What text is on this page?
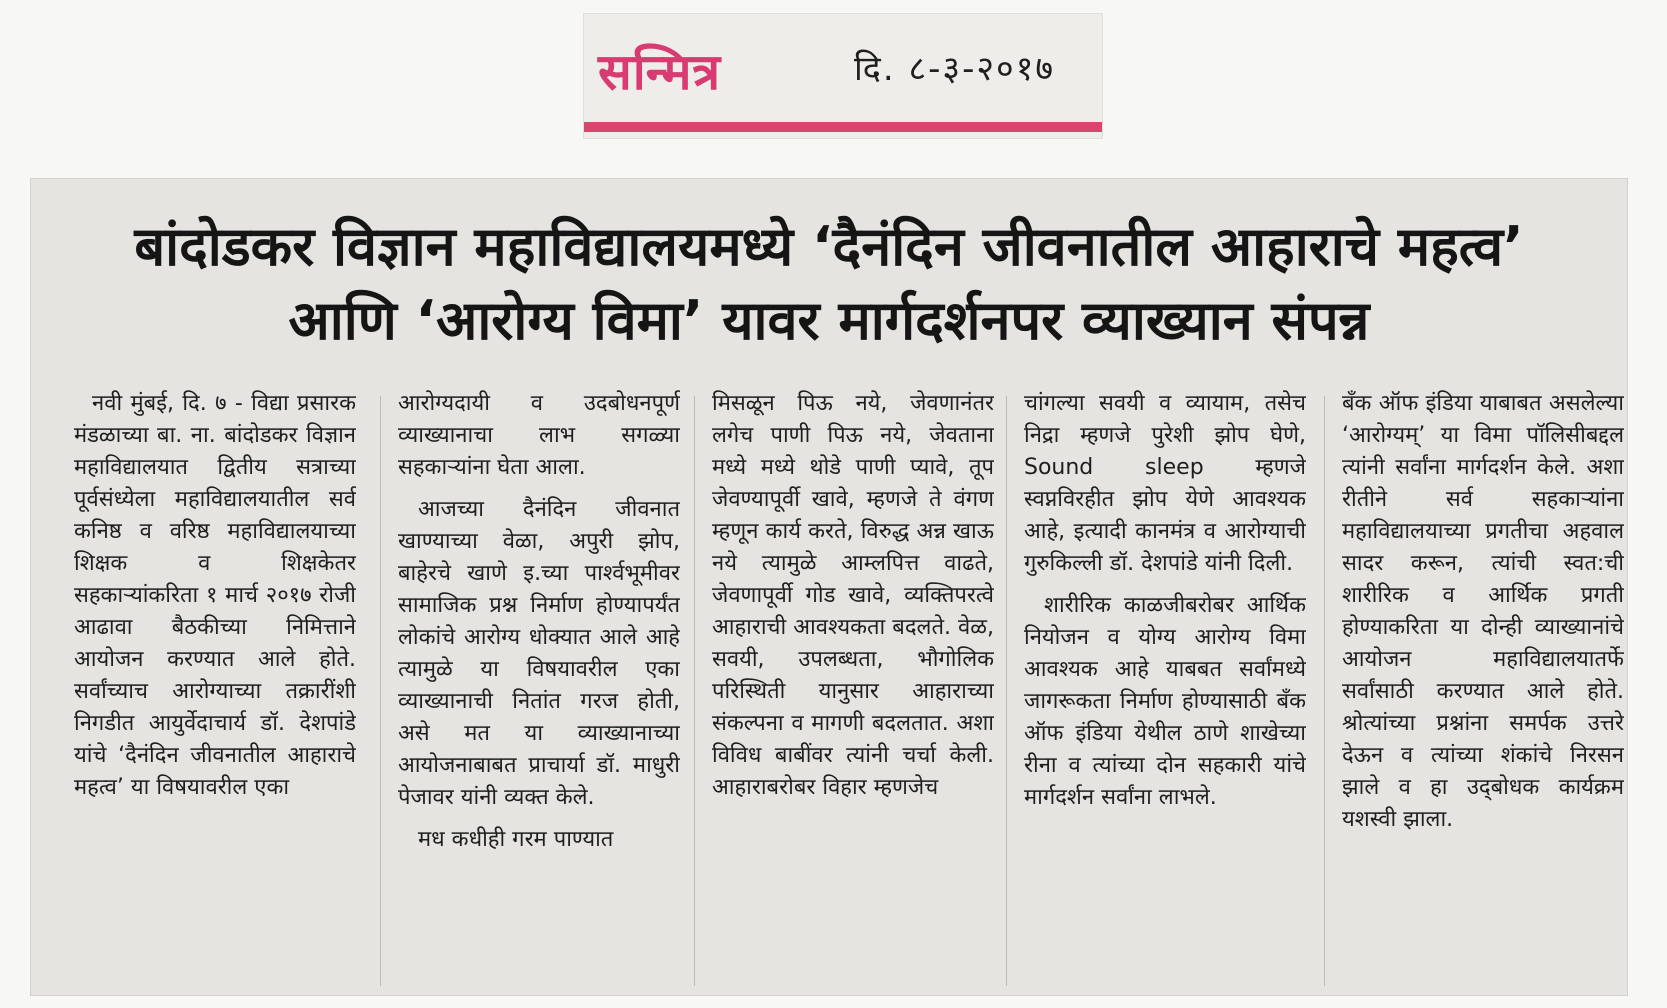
सन्मित्र	दि. ८-३-२०१७
बांदोडकर विज्ञान महाविद्यालयमध्ये ‘दैनंदिन जीवनातील आहाराचे महत्व’
आणि ‘आरोग्य विमा’ यावर मार्गदर्शनपर व्याख्यान संपन्न

नवी मुंबई, दि. ७ - विद्या प्रसारक मंडळाच्या बा. ना. बांदोडकर विज्ञान महाविद्यालयात द्वितीय सत्राच्या पूर्वसंध्येला महाविद्यालयातील सर्व कनिष्ठ व वरिष्ठ महाविद्यालयाच्या शिक्षक व शिक्षकेतर सहकाऱ्यांकरिता १ मार्च २०१७ रोजी आढावा बैठकीच्या निमित्ताने आयोजन करण्यात आले होते. सर्वांच्याच आरोग्याच्या तक्रारींशी निगडीत आयुर्वेदाचार्य डॉ. देशपांडे यांचे ‘दैनंदिन जीवनातील आहाराचे महत्व’ या विषयावरील एका

आरोग्यदायी व उदबोधनपूर्ण व्याख्यानाचा लाभ सगळ्या सहकाऱ्यांना घेता आला.

आजच्या दैनंदिन जीवनात खाण्याच्या वेळा, अपुरी झोप, बाहेरचे खाणे इ.च्या पार्श्वभूमीवर सामाजिक प्रश्न निर्माण होण्यापर्यंत लोकांचे आरोग्य धोक्यात आले आहे त्यामुळे या विषयावरील एका व्याख्यानाची नितांत गरज होती, असे मत या व्याख्यानाच्या आयोजनाबाबत प्राचार्या डॉ. माधुरी पेजावर यांनी व्यक्त केले.

मध कधीही गरम पाण्यात

मिसळून पिऊ नये, जेवणानंतर लगेच पाणी पिऊ नये, जेवताना मध्ये मध्ये थोडे पाणी प्यावे, तूप जेवण्यापूर्वी खावे, म्हणजे ते वंगण म्हणून कार्य करते, विरुद्ध अन्न खाऊ नये त्यामुळे आम्लपित्त वाढते, जेवणापूर्वी गोड खावे, व्यक्तिपरत्वे आहाराची आवश्यकता बदलते. वेळ, सवयी, उपलब्धता, भौगोलिक परिस्थिती यानुसार आहाराच्या संकल्पना व मागणी बदलतात. अशा विविध बाबींवर त्यांनी चर्चा केली. आहाराबरोबर विहार म्हणजेच

चांगल्या सवयी व व्यायाम, तसेच निद्रा म्हणजे पुरेशी झोप घेणे, Sound sleep म्हणजे स्वप्नविरहीत झोप येणे आवश्यक आहे, इत्यादी कानमंत्र व आरोग्याची गुरुकिल्ली डॉ. देशपांडे यांनी दिली.

शारीरिक काळजीबरोबर आर्थिक नियोजन व योग्य आरोग्य विमा आवश्यक आहे याबबत सर्वांमध्ये जागरूकता निर्माण होण्यासाठी बँक ऑफ इंडिया येथील ठाणे शाखेच्या रीना व त्यांच्या दोन सहकारी यांचे मार्गदर्शन सर्वांना लाभले.

बँक ऑफ इंडिया याबाबत असलेल्या ‘आरोग्यम्’ या विमा पॉलिसीबद्दल त्यांनी सर्वांना मार्गदर्शन केले. अशा रीतीने सर्व सहकाऱ्यांना महाविद्यालयाच्या प्रगतीचा अहवाल सादर करून, त्यांची स्वत:ची शारीरिक व आर्थिक प्रगती होण्याकरिता या दोन्ही व्याख्यानांचे आयोजन महाविद्यालयातर्फे सर्वांसाठी करण्यात आले होते. श्रोत्यांच्या प्रश्नांना समर्पक उत्तरे देऊन व त्यांच्या शंकांचे निरसन झाले व हा उद्‌बोधक कार्यक्रम यशस्वी झाला.
